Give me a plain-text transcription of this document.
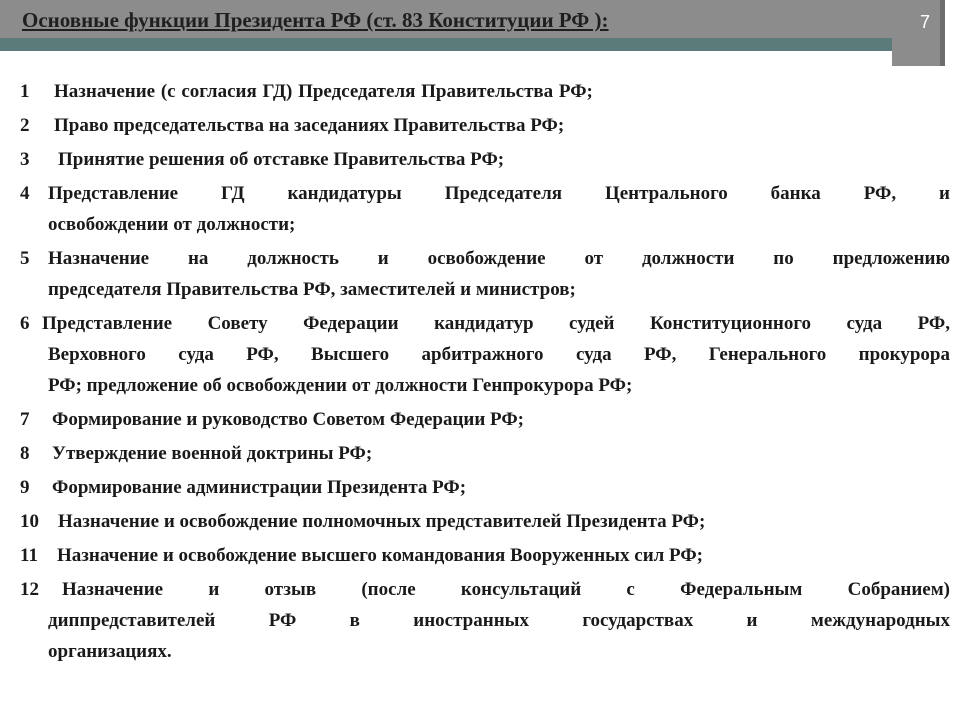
Основные функции Президента РФ (ст. 83 Конституции РФ ):	7
1 Назначение (с согласия ГД) Председателя Правительства РФ;
2 Право председательства на заседаниях Правительства РФ;
3 Принятие решения об отставке Правительства РФ;
4 Представление ГД кандидатуры Председателя Центрального банка РФ, и
освобождении от должности;
5 Назначение на должность и освобождение от должности по предложению
председателя Правительства РФ, заместителей и министров;
6 Представление Совету Федерации кандидатур судей Конституционного суда РФ,
Верховного суда РФ, Высшего арбитражного суда РФ, Генерального прокурора
РФ; предложение об освобождении от должности Генпрокурора РФ;
7 Формирование и руководство Советом Федерации РФ;
8 Утверждение военной доктрины РФ;
9 Формирование администрации Президента РФ;
10 Назначение и освобождение полномочных представителей Президента РФ;
11 Назначение и освобождение высшего командования Вооруженных сил РФ;
12 Назначение и отзыв (после консультаций с Федеральным Собранием)
диппредставителей РФ в иностранных государствах и международных
организациях.
